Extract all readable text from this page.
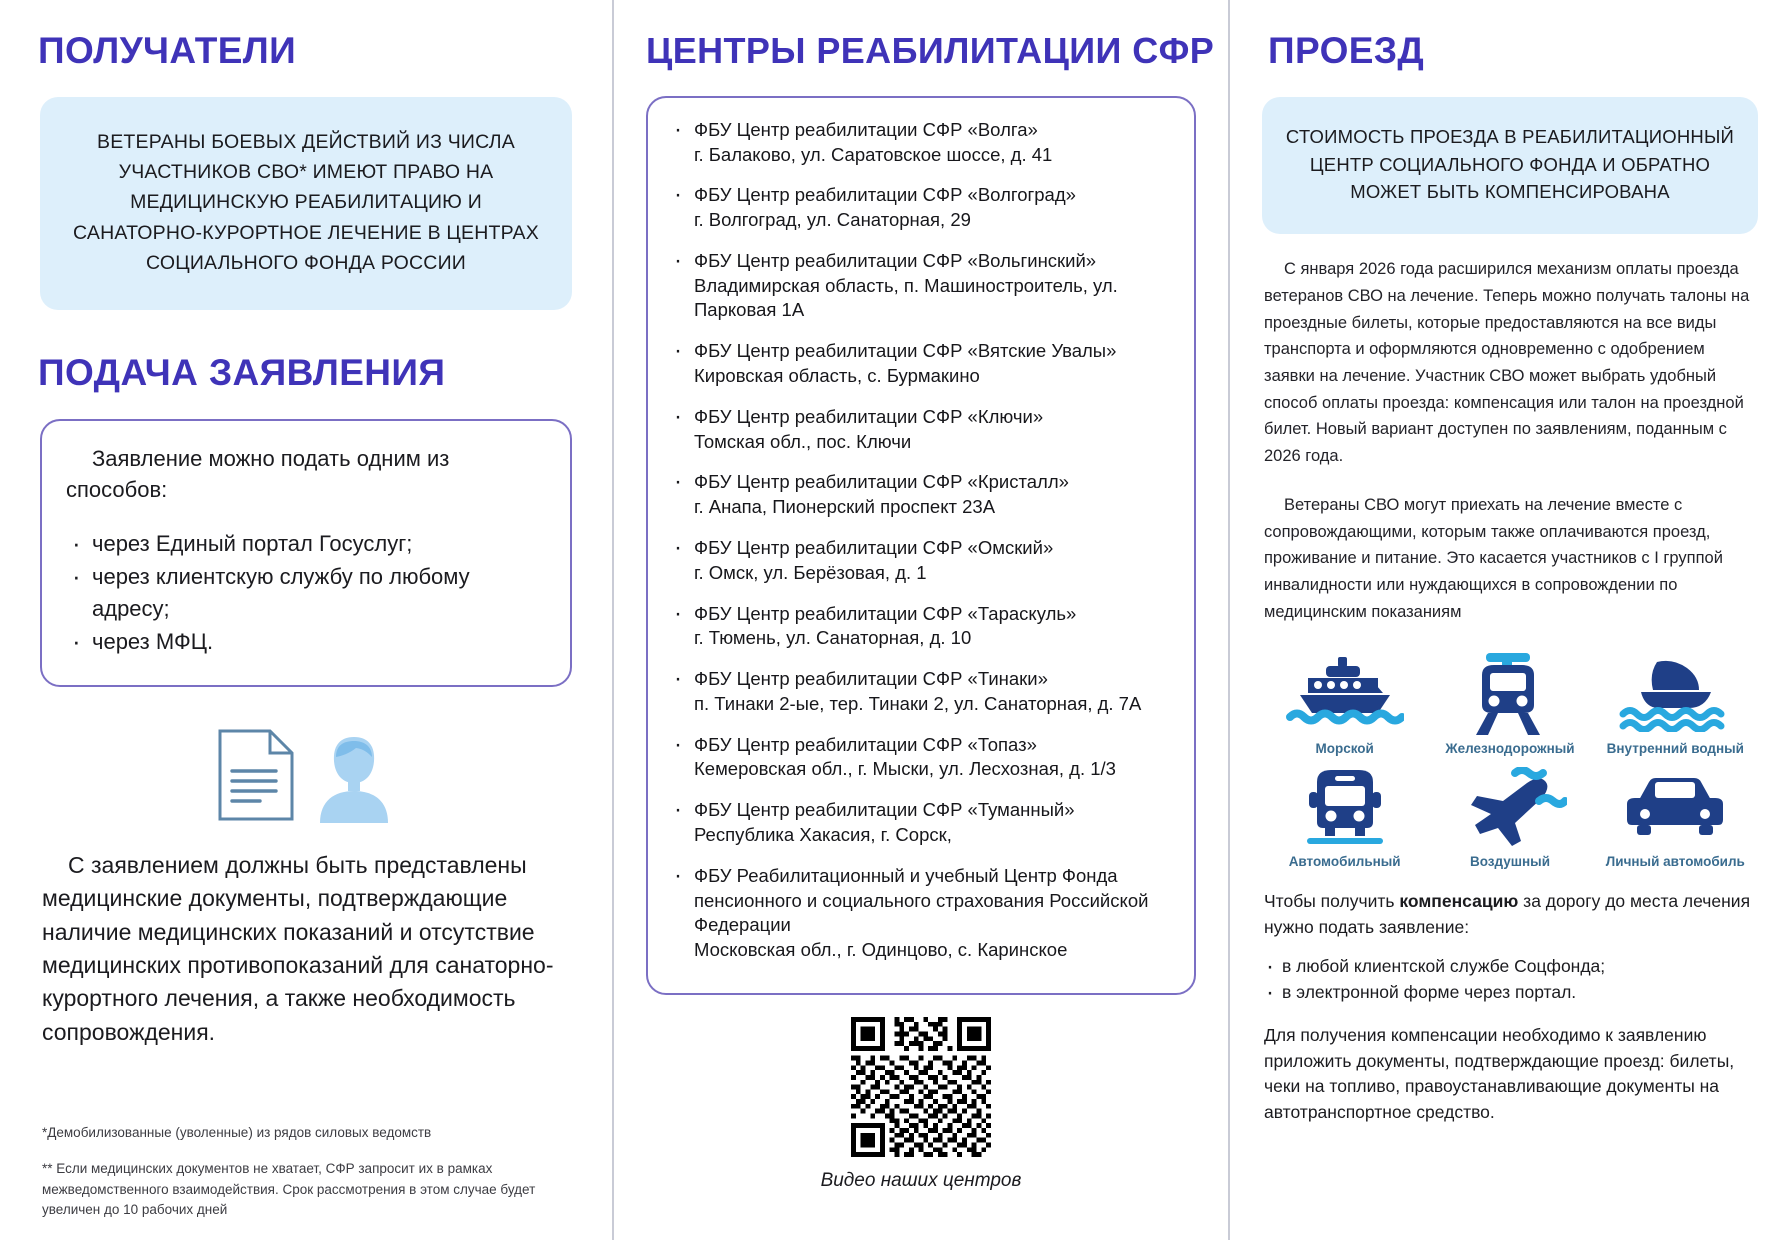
ПОЛУЧАТЕЛИ
ВЕТЕРАНЫ БОЕВЫХ ДЕЙСТВИЙ ИЗ ЧИСЛА УЧАСТНИКОВ СВО* ИМЕЮТ ПРАВО НА МЕДИЦИНСКУЮ РЕАБИЛИТАЦИЮ И САНАТОРНО-КУРОРТНОЕ ЛЕЧЕНИЕ В ЦЕНТРАХ СОЦИАЛЬНОГО ФОНДА РОССИИ
ПОДАЧА ЗАЯВЛЕНИЯ
Заявление можно подать одним из способов:
· через Единый портал Госуслуг;
· через клиентскую службу по любому адресу;
· через МФЦ.
С заявлением должны быть представлены медицинские документы, подтверждающие наличие медицинских показаний и отсутствие медицинских противопоказаний для санаторно-курортного лечения, а также необходимость сопровождения.
*Демобилизованные (уволенные) из рядов силовых ведомств
** Если медицинских документов не хватает, СФР запросит их в рамках межведомственного взаимодействия. Срок рассмотрения в этом случае будет увеличен до 10 рабочих дней
ЦЕНТРЫ РЕАБИЛИТАЦИИ СФР
· ФБУ Центр реабилитации СФР «Волга»
г. Балаково, ул. Саратовское шоссе, д. 41
· ФБУ Центр реабилитации СФР «Волгоград»
г. Волгоград, ул. Санаторная, 29
· ФБУ Центр реабилитации СФР «Вольгинский»
Владимирская область, п. Машиностроитель, ул. Парковая 1А
· ФБУ Центр реабилитации СФР «Вятские Увалы»
Кировская область, с. Бурмакино
· ФБУ Центр реабилитации СФР «Ключи»
Томская обл., пос. Ключи
· ФБУ Центр реабилитации СФР «Кристалл»
г. Анапа, Пионерский проспект 23А
· ФБУ Центр реабилитации СФР «Омский»
г. Омск, ул. Берёзовая, д. 1
· ФБУ Центр реабилитации СФР «Тараскуль»
г. Тюмень, ул. Санаторная, д. 10
· ФБУ Центр реабилитации СФР «Тинаки»
п. Тинаки 2-ые, тер. Тинаки 2, ул. Санаторная, д. 7А
· ФБУ Центр реабилитации СФР «Топаз»
Кемеровская обл., г. Мыски, ул. Лесхозная, д. 1/3
· ФБУ Центр реабилитации СФР «Туманный»
Республика Хакасия, г. Сорск,
· ФБУ Реабилитационный и учебный Центр Фонда пенсионного и социального страхования Российской Федерации
Московская обл., г. Одинцово, с. Каринское
Видео наших центров
ПРОЕЗД
СТОИМОСТЬ ПРОЕЗДА В РЕАБИЛИТАЦИОННЫЙ ЦЕНТР СОЦИАЛЬНОГО ФОНДА И ОБРАТНО МОЖЕТ БЫТЬ КОМПЕНСИРОВАНА
С января 2026 года расширился механизм оплаты проезда ветеранов СВО на лечение. Теперь можно получать талоны на проездные билеты, которые предоставляются на все виды транспорта и оформляются одновременно с одобрением заявки на лечение. Участник СВО может выбрать удобный способ оплаты проезда: компенсация или талон на проездной билет. Новый вариант доступен по заявлениям, поданным с 2026 года.
Ветераны СВО могут приехать на лечение вместе с сопровождающими, которым также оплачиваются проезд, проживание и питание. Это касается участников с I группой инвалидности или нуждающихся в сопровождении по медицинским показаниям
Морской	Железнодорожный	Внутренний водный
Автомобильный	Воздушный	Личный автомобиль
Чтобы получить компенсацию за дорогу до места лечения нужно подать заявление:
· в любой клиентской службе Соцфонда;
· в электронной форме через портал.
Для получения компенсации необходимо к заявлению приложить документы, подтверждающие проезд: билеты, чеки на топливо, правоустанавливающие документы на автотранспортное средство.
